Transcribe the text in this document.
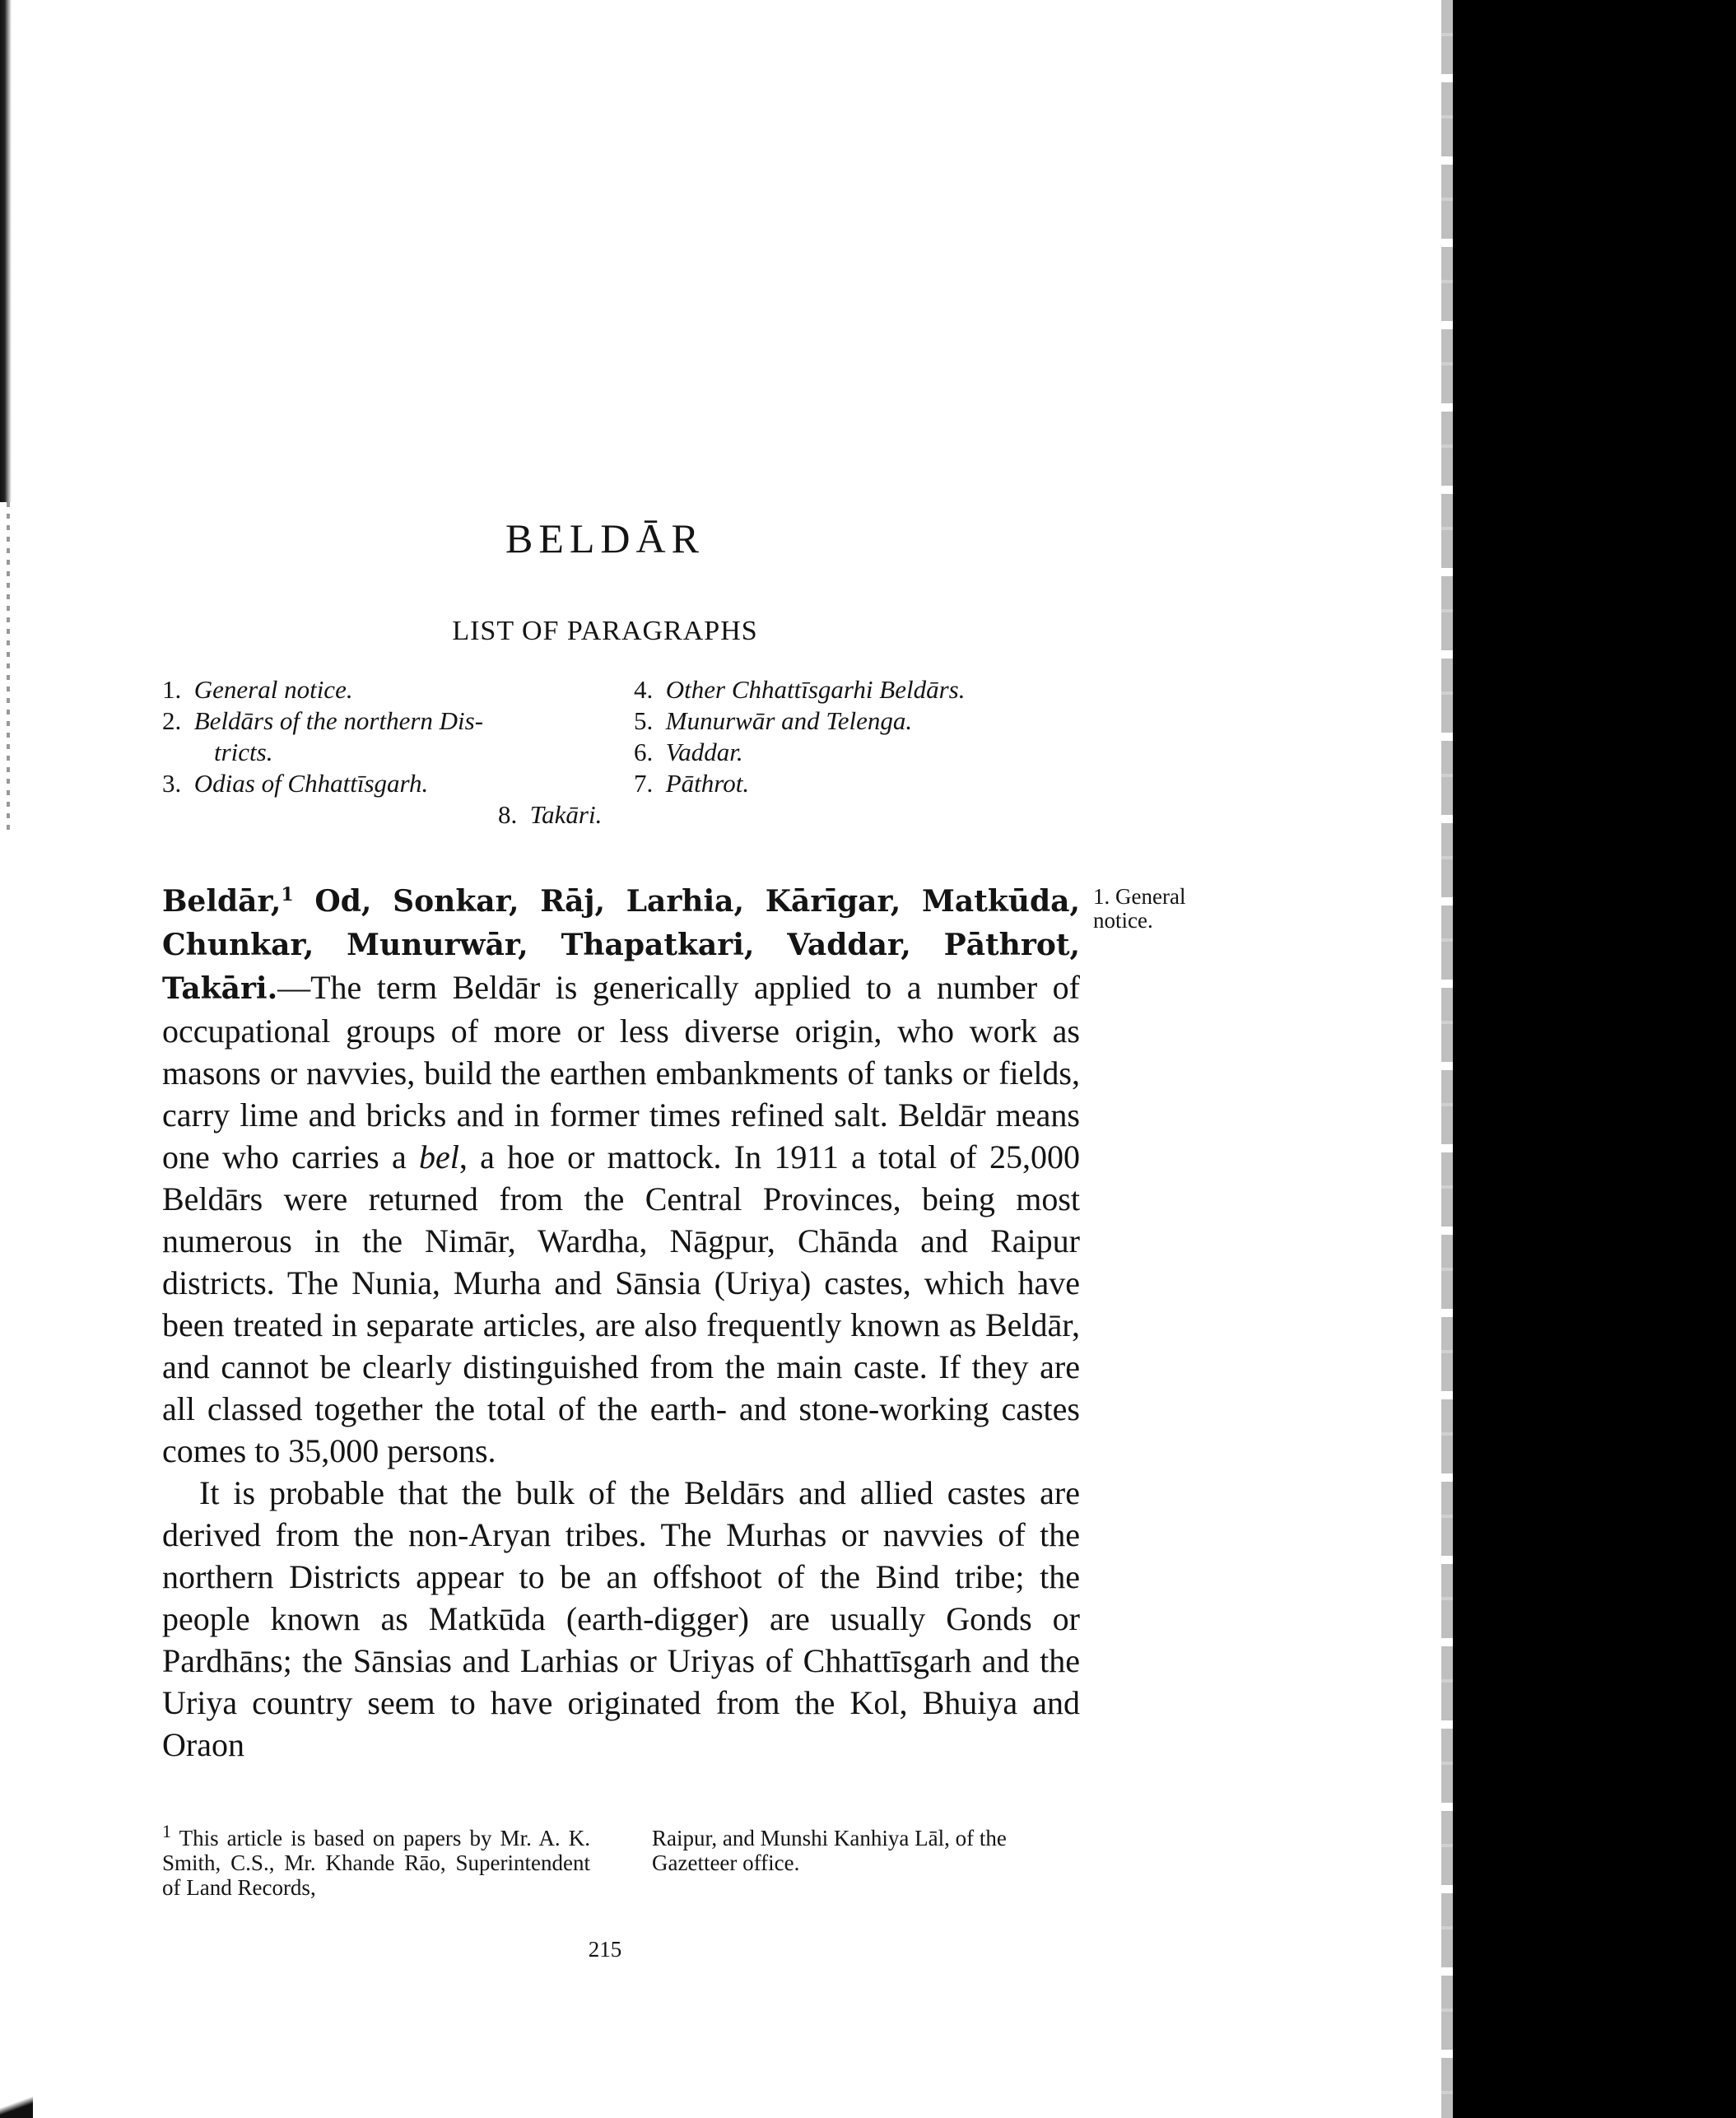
BELDĀR
LIST OF PARAGRAPHS
1. General notice.
2. Beldārs of the northern Dis-
tricts.
3. Odias of Chhattīsgarh.
4. Other Chhattīsgarhi Beldārs.
5. Munurwār and Telenga.
6. Vaddar.
7. Pāthrot.
8. Takāri.

Beldār,$^1$ Od, Sonkar, Rāj, Larhia, Kārīgar, Matkūda, Chunkar, Munurwār, Thapatkari, Vaddar, Pāthrot, Takāri.—The term Beldār is generically applied to a number of occupational groups of more or less diverse origin, who work as masons or navvies, build the earthen embankments of tanks or fields, carry lime and bricks and in former times refined salt. Beldār means one who carries a bel, a hoe or mattock. In 1911 a total of 25,000 Beldārs were returned from the Central Provinces, being most numerous in the Nimār, Wardha, Nāgpur, Chānda and Raipur districts. The Nunia, Murha and Sānsia (Uriya) castes, which have been treated in separate articles, are also frequently known as Beldār, and cannot be clearly distinguished from the main caste. If they are all classed together the total of the earth- and stone-working castes comes to 35,000 persons.

It is probable that the bulk of the Beldārs and allied castes are derived from the non-Aryan tribes. The Murhas or navvies of the northern Districts appear to be an offshoot of the Bind tribe; the people known as Matkūda (earth-digger) are usually Gonds or Pardhāns; the Sānsias and Larhias or Uriyas of Chhattīsgarh and the Uriya country seem to have originated from the Kol, Bhuiya and Oraon

1. General notice.

$^1$ This article is based on papers by Mr. A. K. Smith, C.S., Mr. Khande Rāo, Superintendent of Land Records,

Raipur, and Munshi Kanhiya Lāl, of the Gazetteer office.

215
